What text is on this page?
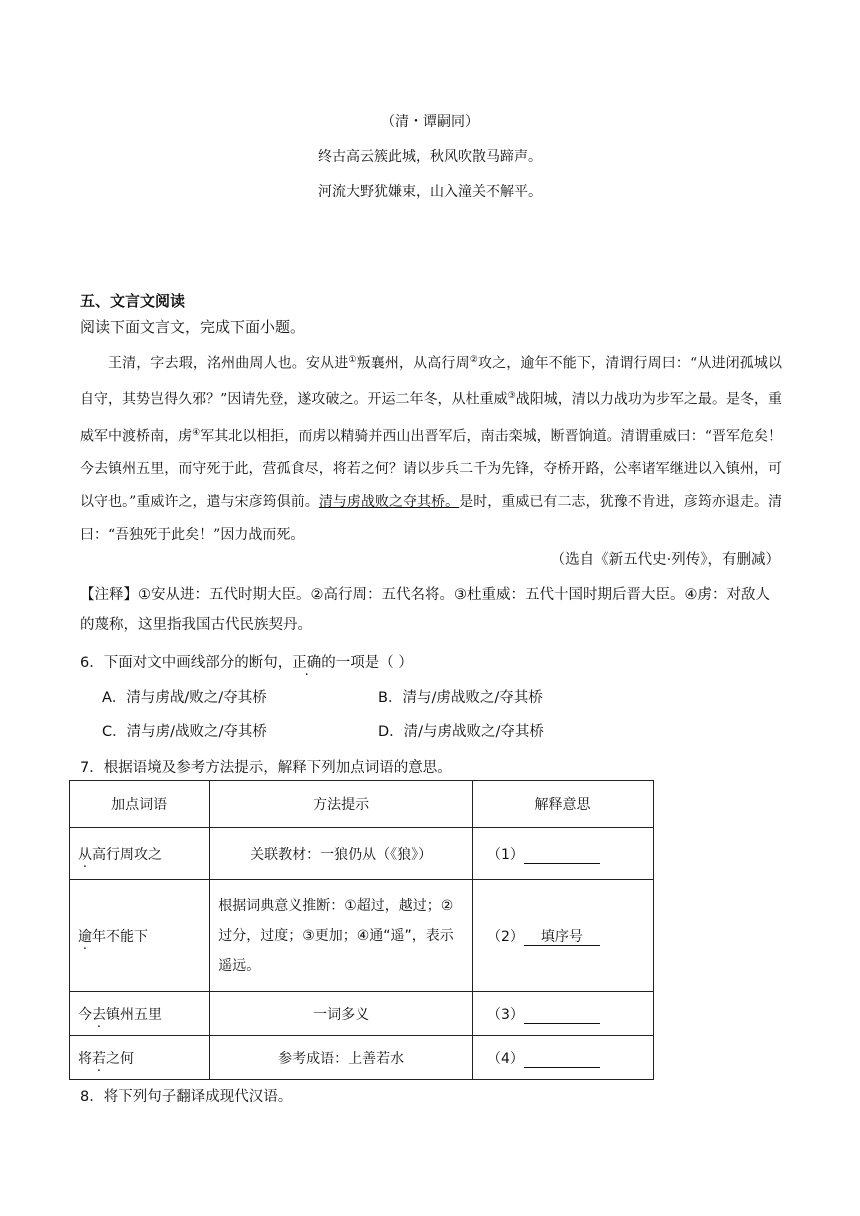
（清・谭嗣同）
终古高云簇此城，秋风吹散马蹄声。
河流大野犹嫌束，山入潼关不解平。
五、文言文阅读
阅读下面文言文，完成下面小题。

王清，字去瑕，洺州曲周人也。安从进①叛襄州，从高行周②攻之，逾年不能下，清谓行周曰：“从进闭孤城以自守，其势岂得久邪？”因请先登，遂攻破之。开运二年冬，从杜重威③战阳城，清以力战功为步军之最。是冬，重威军中渡桥南，虏④军其北以相拒，而虏以精骑并西山出晋军后，南击栾城，断晋饷道。清谓重威曰：“晋军危矣！今去镇州五里，而守死于此，营孤食尽，将若之何？请以步兵二千为先锋，夺桥开路，公率诸军继进以入镇州，可以守也。”重威许之，遣与宋彦筠俱前。清与虏战败之夺其桥。是时，重威已有二志，犹豫不肯进，彦筠亦退走。清曰：“吾独死于此矣！”因力战而死。

（选自《新五代史·列传》，有删减）
【注释】①安从进：五代时期大臣。②高行周：五代名将。③杜重威：五代十国时期后晋大臣。④虏：对敌人的蔑称，这里指我国古代民族契丹。
6．下面对文中画线部分的断句，正确的一项是（ ）
A．清与虏战/败之/夺其桥	B．清与/虏战败之/夺其桥
C．清与虏/战败之/夺其桥	D．清/与虏战败之/夺其桥
7．根据语境及参考方法提示，解释下列加点词语的意思。
加点词语	方法提示	解释意思
从高行周攻之	关联教材：一狼仍从（《狼》）	（1）
逾年不能下	根据词典意义推断：①超过，越过；②过分，过度；③更加；④通“遥”，表示遥远。	（2） 填序号
今去镇州五里	一词多义	（3）
将若之何	参考成语：上善若水	（4）
8．将下列句子翻译成现代汉语。
